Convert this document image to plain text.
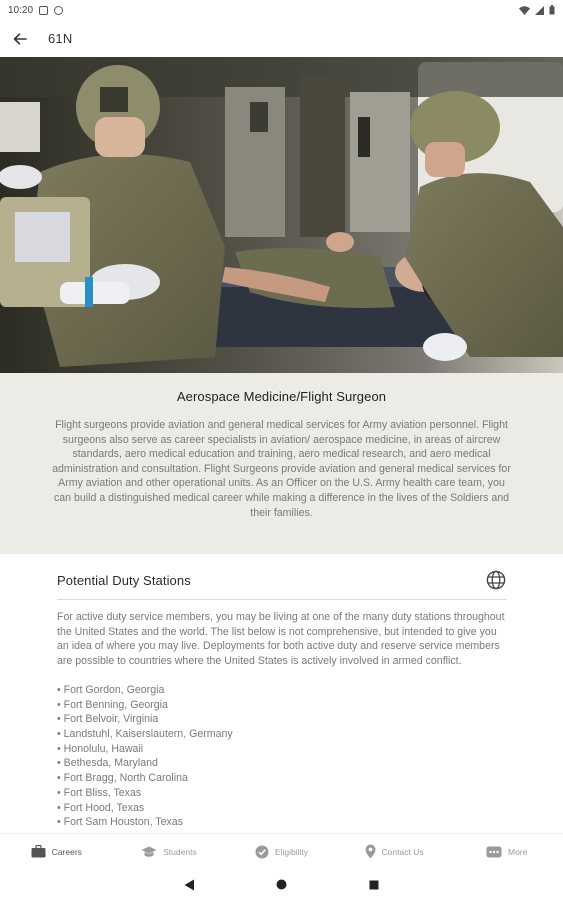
10:20
61N
Aerospace Medicine/Flight Surgeon

Flight surgeons provide aviation and general medical services for Army aviation personnel. Flight surgeons also serve as career specialists in aviation/ aerospace medicine, in areas of aircrew standards, aero medical education and training, aero medical research, and aero medical administration and consultation. Flight Surgeons provide aviation and general medical services for Army aviation and other operational units. As an Officer on the U.S. Army health care team, you can build a distinguished medical career while making a difference in the lives of the Soldiers and their families.

Potential Duty Stations

For active duty service members, you may be living at one of the many duty stations throughout the United States and the world. The list below is not comprehensive, but intended to give you an idea of where you may live. Deployments for both active duty and reserve service members are possible to countries where the United States is actively involved in armed conflict.

• Fort Gordon, Georgia
• Fort Benning, Georgia
• Fort Belvoir, Virginia
• Landstuhl, Kaiserslautern, Germany
• Honolulu, Hawaii
• Bethesda, Maryland
• Fort Bragg, North Carolina
• Fort Bliss, Texas
• Fort Hood, Texas
• Fort Sam Houston, Texas
Careers	Students	Eligibility	Contact Us	More
